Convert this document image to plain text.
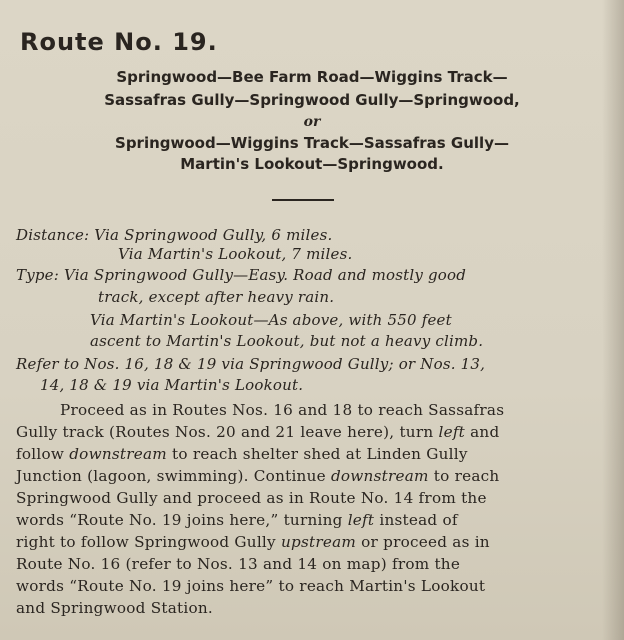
Route No. 19.
Springwood—Bee Farm Road—Wiggins Track—
Sassafras Gully—Springwood Gully—Springwood,
or
Springwood—Wiggins Track—Sassafras Gully—
Martin's Lookout—Springwood.
Distance: Via Springwood Gully, 6 miles.
Via Martin's Lookout, 7 miles.
Type: Via Springwood Gully—Easy. Road and mostly good
track, except after heavy rain.
Via Martin's Lookout—As above, with 550 feet
ascent to Martin's Lookout, but not a heavy climb.
Refer to Nos. 16, 18 & 19 via Springwood Gully; or Nos. 13,
14, 18 & 19 via Martin's Lookout.
Proceed as in Routes Nos. 16 and 18 to reach Sassafras
Gully track (Routes Nos. 20 and 21 leave here), turn left and
follow downstream to reach shelter shed at Linden Gully
Junction (lagoon, swimming). Continue downstream to reach
Springwood Gully and proceed as in Route No. 14 from the
words “Route No. 19 joins here,” turning left instead of
right to follow Springwood Gully upstream or proceed as in
Route No. 16 (refer to Nos. 13 and 14 on map) from the
words “Route No. 19 joins here” to reach Martin's Lookout
and Springwood Station.
